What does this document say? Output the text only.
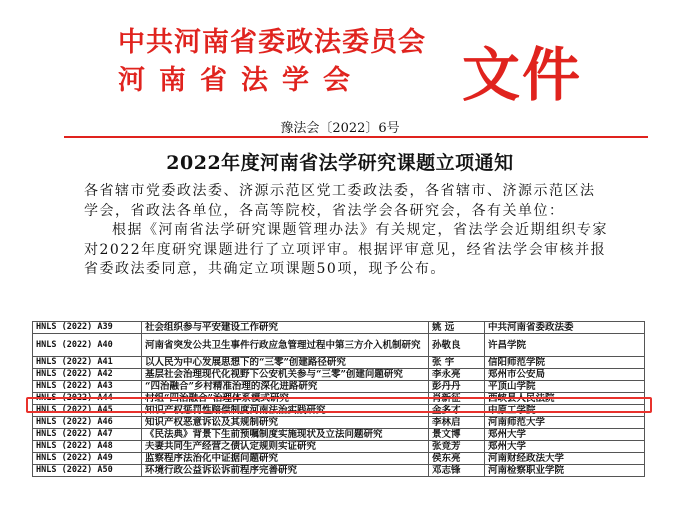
中共河南省委政法委员会
河南省法学会 文件
豫法会〔2022〕6号
2022年度河南省法学研究课题立项通知

各省辖市党委政法委、济源示范区党工委政法委，各省辖市、济源示范区法学会，省政法各单位，各高等院校，省法学会各研究会，各有关单位：

根据《河南省法学研究课题管理办法》有关规定，省法学会近期组织专家对2022年度研究课题进行了立项评审。根据评审意见，经省法学会审核并报省委政法委同意，共确定立项课题50项，现予公布。

HNLS (2022) A39	社会组织参与平安建设工作研究	姚 远	中共河南省委政法委
HNLS (2022) A40	河南省突发公共卫生事件行政应急管理过程中第三方介入机制研究	孙敬良	许昌学院
HNLS (2022) A41	以人民为中心发展思想下的“三零”创建路径研究	张 宇	信阳师范学院
HNLS (2022) A42	基层社会治理现代化视野下公安机关参与“三零”创建问题研究	李永亮	郑州市公安局
HNLS (2022) A43	“四治融合”乡村精准治理的深化进路研究	彭丹丹	平顶山学院
HNLS (2022) A44	村组“四治融合”治理体系模式研究	肖新征	西峡县人民法院
HNLS (2022) A45	知识产权惩罚性赔偿制度河南法治实践研究	金多才	中原工学院
HNLS (2022) A46	知识产权恶意诉讼及其规制研究	李林启	河南师范大学
HNLS (2022) A47	《民法典》背景下生前预嘱制度实施现状及立法问题研究	景文博	郑州大学
HNLS (2022) A48	夫妻共同生产经营之债认定规则实证研究	张竞芳	郑州大学
HNLS (2022) A49	监察程序法治化中证据问题研究	侯东亮	河南财经政法大学
HNLS (2022) A50	环境行政公益诉讼诉前程序完善研究	邓志锋	河南检察职业学院
